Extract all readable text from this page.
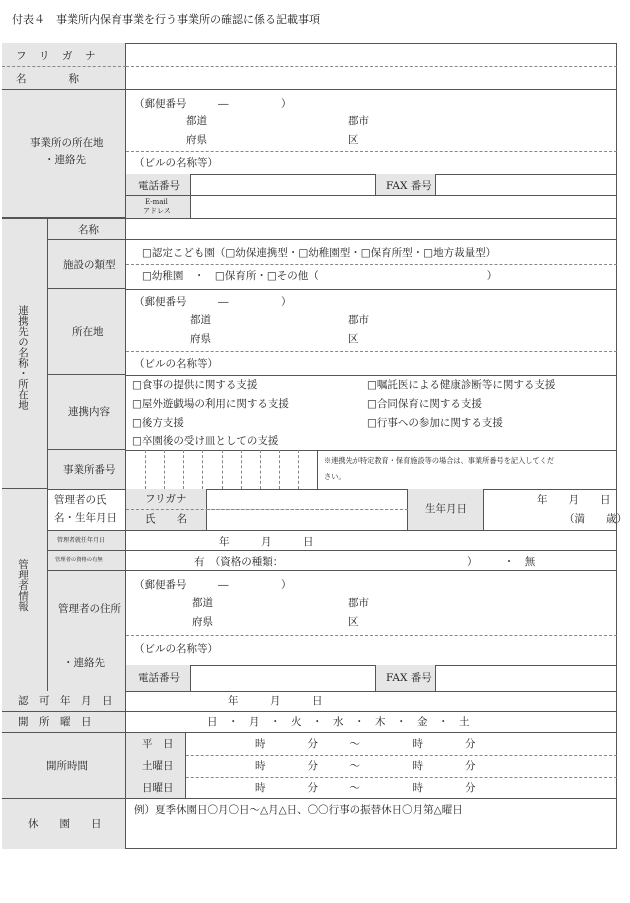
付表４　事業所内保育事業を行う事業所の確認に係る記載事項
フ　リ　ガ　ナ
名　　　　称
事業所の所在地
・連絡先
（郵便番号　　　―　　　　　）
都道	郡市
府県	区
（ビルの名称等）
電話番号	FAX 番号
E-mail
アドレス
連携先の名称・所在地
名称
施設の類型
□認定こども園（□幼保連携型・□幼稚園型・□保育所型・□地方裁量型）
□幼稚園　・　□保育所・□その他（　　　　　　　　　　　　　　　　）
所在地
（郵便番号　　　―　　　　　）
都道	郡市
府県	区
（ビルの名称等）
連携内容
□食事の提供に関する支援	□嘱託医による健康診断等に関する支援
□屋外遊戯場の利用に関する支援	□合同保育に関する支援
□後方支援	□行事への参加に関する支援
□卒園後の受け皿としての支援
事業所番号
※連携先が特定教育・保育施設等の場合は、事業所番号を記入してくだ
さい。
管理者情報
管理者の氏
名・生年月日
フリガナ
氏　　名
生年月日
年　　月　　日
（満　　歳）
管理者就任年月日	年　　　月　　　日
管理者の資格の有無	有　（資格の種類：　　　　　　　　　　　　　　　　　　）　　　・　無
管理者の住所
・連絡先
（郵便番号　　　―　　　　　）
都道	郡市
府県	区
（ビルの名称等）
電話番号	FAX 番号
認　可　年　月　日	年　　　月　　　日
開　所　曜　日	日　・　月　・　火　・　水　・　木　・　金　・　土
開所時間
平　日	時　　　　分　　　～　　　　　時　　　　分
土曜日	時　　　　分　　　～　　　　　時　　　　分
日曜日	時　　　　分　　　～　　　　　時　　　　分
休　　園　　日
例）夏季休園日〇月〇日～△月△日、〇〇行事の振替休日〇月第△曜日
